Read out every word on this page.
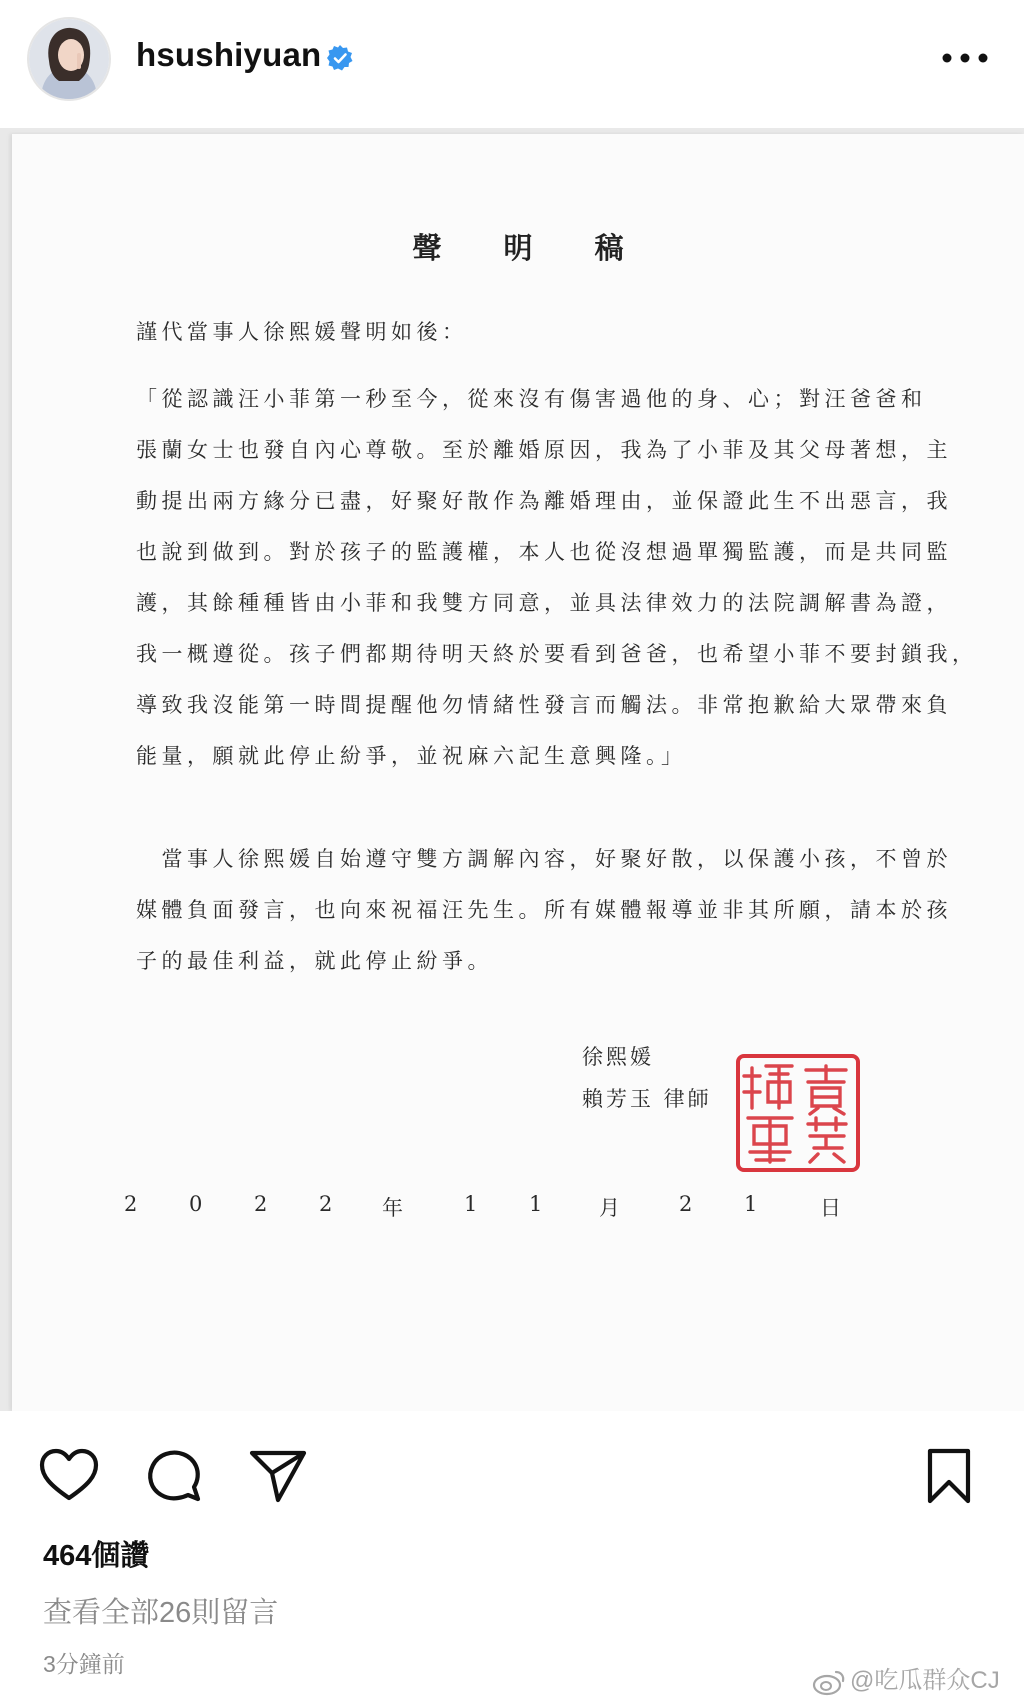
hsushiyuan
聲 明 稿
謹代當事人徐熙媛聲明如後：
「從認識汪小菲第一秒至今，從來沒有傷害過他的身、心；對汪爸爸和
張蘭女士也發自內心尊敬。至於離婚原因，我為了小菲及其父母著想，主
動提出兩方緣分已盡，好聚好散作為離婚理由，並保證此生不出惡言，我
也說到做到。對於孩子的監護權，本人也從沒想過單獨監護，而是共同監
護，其餘種種皆由小菲和我雙方同意，並具法律效力的法院調解書為證，
我一概遵從。孩子們都期待明天終於要看到爸爸，也希望小菲不要封鎖我，
導致我沒能第一時間提醒他勿情緒性發言而觸法。非常抱歉給大眾帶來負
能量，願就此停止紛爭，並祝麻六記生意興隆。」
　當事人徐熙媛自始遵守雙方調解內容，好聚好散，以保護小孩，不曾於
媒體負面發言，也向來祝福汪先生。所有媒體報導並非其所願，請本於孩
子的最佳利益，就此停止紛爭。
徐熙媛
賴芳玉 律師
2 0 2 2 年	1 1	月	2 1	日
464個讚
查看全部26則留言
3分鐘前
@吃瓜群众CJ
